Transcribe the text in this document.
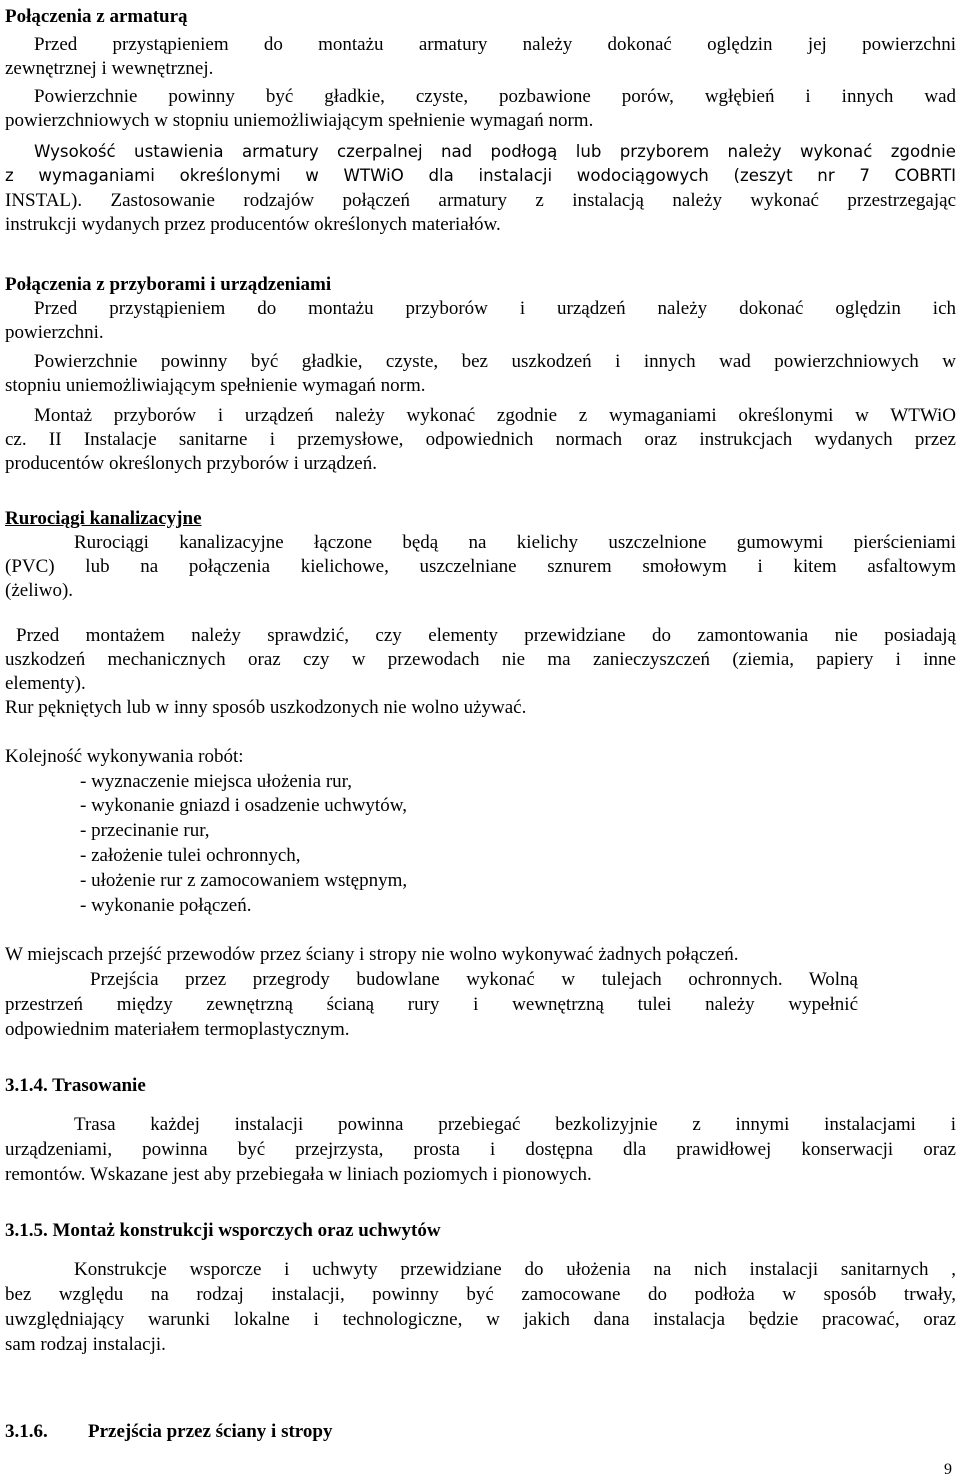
Połączenia z armaturą
Przed przystąpieniem do montażu armatury należy dokonać oględzin jej powierzchni
zewnętrznej i wewnętrznej.
Powierzchnie powinny być gładkie, czyste, pozbawione porów, wgłębień i innych wad
powierzchniowych w stopniu uniemożliwiającym spełnienie wymagań norm.
Wysokość ustawienia armatury czerpalnej nad podłogą lub przyborem należy wykonać zgodnie
z wymaganiami określonymi w WTWiO dla instalacji wodociągowych (zeszyt nr 7 COBRTI
INSTAL). Zastosowanie rodzajów połączeń armatury z instalacją należy wykonać przestrzegając
instrukcji wydanych przez producentów określonych materiałów.
Połączenia z przyborami i urządzeniami
Przed przystąpieniem do montażu przyborów i urządzeń należy dokonać oględzin ich
powierzchni.
Powierzchnie powinny być gładkie, czyste, bez uszkodzeń i innych wad powierzchniowych w
stopniu uniemożliwiającym spełnienie wymagań norm.
Montaż przyborów i urządzeń należy wykonać zgodnie z wymaganiami określonymi w WTWiO
cz. II Instalacje sanitarne i przemysłowe, odpowiednich normach oraz instrukcjach wydanych przez
producentów określonych przyborów i urządzeń.
Rurociągi kanalizacyjne
Rurociągi kanalizacyjne łączone będą na kielichy uszczelnione gumowymi pierścieniami
(PVC) lub na połączenia kielichowe, uszczelniane sznurem smołowym i kitem asfaltowym
(żeliwo).
Przed montażem należy sprawdzić, czy elementy przewidziane do zamontowania nie posiadają
uszkodzeń mechanicznych oraz czy w przewodach nie ma zanieczyszczeń (ziemia, papiery i inne
elementy).
Rur pękniętych lub w inny sposób uszkodzonych nie wolno używać.
Kolejność wykonywania robót:
- wyznaczenie miejsca ułożenia rur,
- wykonanie gniazd i osadzenie uchwytów,
- przecinanie rur,
- założenie tulei ochronnych,
- ułożenie rur z zamocowaniem wstępnym,
- wykonanie połączeń.
W miejscach przejść przewodów przez ściany i stropy nie wolno wykonywać żadnych połączeń.
Przejścia przez przegrody budowlane wykonać w tulejach ochronnych. Wolną
przestrzeń między zewnętrzną ścianą rury i wewnętrzną tulei należy wypełnić
odpowiednim materiałem termoplastycznym.
3.1.4. Trasowanie
Trasa każdej instalacji powinna przebiegać bezkolizyjnie z innymi instalacjami i
urządzeniami, powinna być przejrzysta, prosta i dostępna dla prawidłowej konserwacji oraz
remontów. Wskazane jest aby przebiegała w liniach poziomych i pionowych.
3.1.5. Montaż konstrukcji wsporczych oraz uchwytów
Konstrukcje wsporcze i uchwyty przewidziane do ułożenia na nich instalacji sanitarnych ,
bez względu na rodzaj instalacji, powinny być zamocowane do podłoża w sposób trwały,
uwzględniający warunki lokalne i technologiczne, w jakich dana instalacja będzie pracować, oraz
sam rodzaj instalacji.
3.1.6. Przejścia przez ściany i stropy
9
